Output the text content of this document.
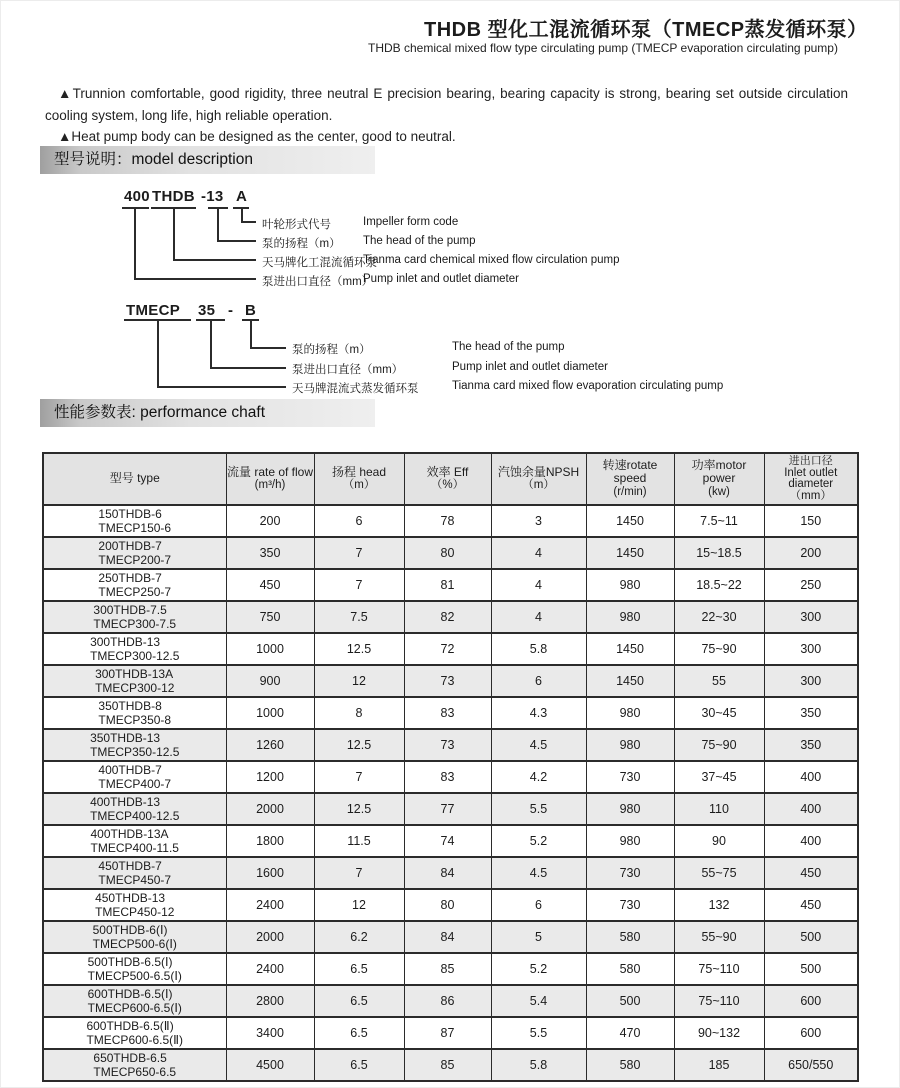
THDB 型化工混流循环泵（TMECP蒸发循环泵）
THDB chemical mixed flow type circulating pump (TMECP evaporation circulating pump)

▲Trunnion comfortable, good rigidity, three neutral E precision bearing, bearing capacity is strong, bearing set outside circulation cooling system, long life, high reliable operation.

▲Heat pump body can be designed as the center, good to neutral.

型号说明：model description
400 THDB -13 A
叶轮形式代号	Impeller form code
泵的扬程（m） The head of the pump
天马牌化工混流循环泵
Tianma card chemical mixed flow circulation pump
泵进出口直径（mm）
Pump inlet and outlet diameter
TMECP 35 - B
泵的扬程（m）	The head of the pump
泵进出口直径（mm）	Pump inlet and outlet diameter
天马牌混流式蒸发循环泵	Tianma card mixed flow evaporation circulating pump
性能参数表: performance chaft
型号 type	流量 rate of flow
(m³/h)

扬程 head
（m）

效率 Eff
（%）

汽蚀余量NPSH
（m）

转速rotate speed
(r/min)

功率motor power
(kw)

进出口径
Inlet outlet diameter
（mm）

150THDB-6
TMECP150-6	200	6	78	3	1450	7.5~11	150

200THDB-7
TMECP200-7	350	7	80	4	1450	15~18.5	200

250THDB-7
TMECP250-7	450	7	81	4	980	18.5~22	250

300THDB-7.5
TMECP300-7.5	750	7.5	82	4	980	22~30	300

300THDB-13
TMECP300-12.5	1000	12.5	72	5.8	1450	75~90	300

300THDB-13A
TMECP300-12	900	12	73	6	1450	55	300

350THDB-8
TMECP350-8	1000	8	83	4.3	980	30~45	350

350THDB-13
TMECP350-12.5	1260	12.5	73	4.5	980	75~90	350

400THDB-7
TMECP400-7	1200	7	83	4.2	730	37~45	400

400THDB-13
TMECP400-12.5	2000	12.5	77	5.5	980	110	400

400THDB-13A
TMECP400-11.5	1800	11.5	74	5.2	980	90	400

450THDB-7
TMECP450-7	1600	7	84	4.5	730	55~75	450

450THDB-13
TMECP450-12	2400	12	80	6	730	132	450

500THDB-6(Ⅰ)
TMECP500-6(Ⅰ)	2000	6.2	84	5	580	55~90	500

500THDB-6.5(Ⅰ)
TMECP500-6.5(Ⅰ)	2400	6.5	85	5.2	580	75~110	500

600THDB-6.5(Ⅰ)
TMECP600-6.5(Ⅰ)	2800	6.5	86	5.4	500	75~110	600

600THDB-6.5(Ⅱ)
TMECP600-6.5(Ⅱ)	3400	6.5	87	5.5	470	90~132	600

650THDB-6.5
TMECP650-6.5	4500	6.5	85	5.8	580	185	650/550
